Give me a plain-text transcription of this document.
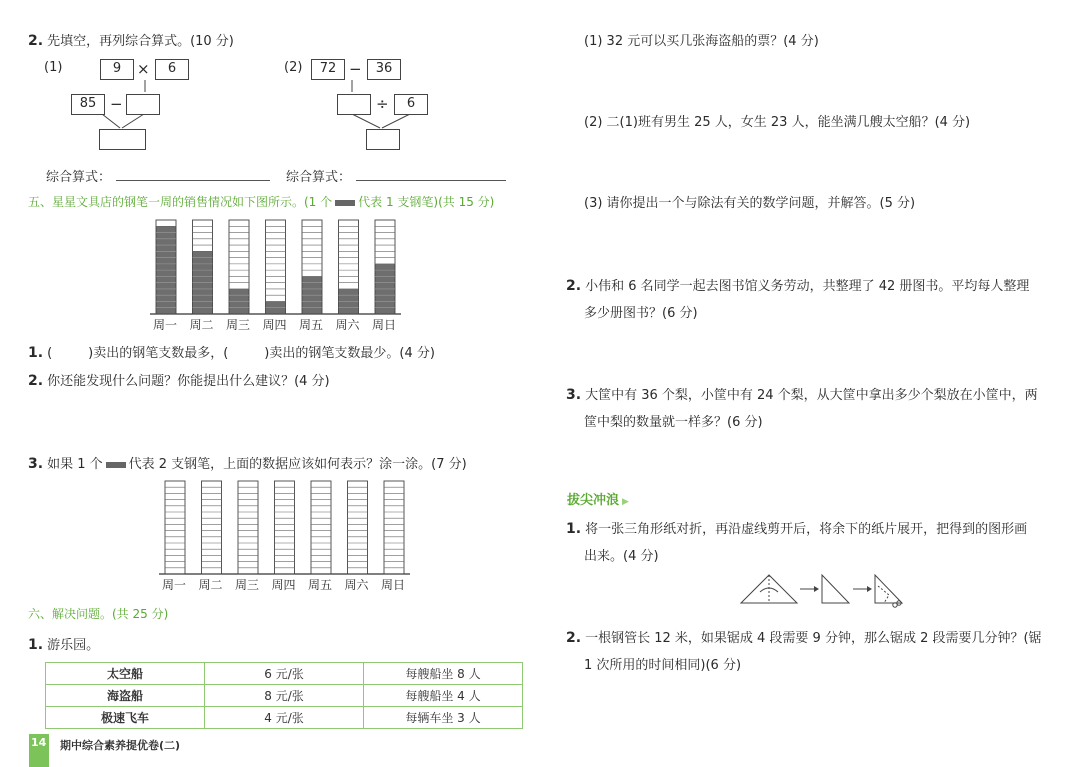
2. 先填空，再列综合算式。(10 分)
(1)	9	×	6
85 −
(2)	72 −	36
÷	6
综合算式：	综合算式：
五、星星文具店的钢笔一周的销售情况如下图所示。(1 个 代表 1 支钢笔)(共 15 分)
周一 周二 周三 周四 周五 周六 周日
1. (	)卖出的钢笔支数最多，(	)卖出的钢笔支数最少。(4 分)
2. 你还能发现什么问题？你能提出什么建议？(4 分)
3. 如果 1 个 代表 2 支钢笔，上面的数据应该如何表示？涂一涂。(7 分)
周一 周二 周三 周四 周五 周六 周日
六、解决问题。(共 25 分)
1. 游乐园。
太空船	6 元/张	每艘船坐 8 人
海盗船	8 元/张	每艘船坐 4 人
极速飞车	4 元/张	每辆车坐 3 人
14 期中综合素养提优卷(二)
(1) 32 元可以买几张海盗船的票？(4 分)
(2) 二(1)班有男生 25 人，女生 23 人，能坐满几艘太空船？(4 分)
(3) 请你提出一个与除法有关的数学问题，并解答。(5 分)
2. 小伟和 6 名同学一起去图书馆义务劳动，共整理了 42 册图书。平均每人整理
多少册图书？(6 分)
3. 大筐中有 36 个梨，小筐中有 24 个梨，从大筐中拿出多少个梨放在小筐中，两
筐中梨的数量就一样多？(6 分)
拔尖冲浪 ▶
1. 将一张三角形纸对折，再沿虚线剪开后，将余下的纸片展开，把得到的图形画
出来。(4 分)
2. 一根钢管长 12 米，如果锯成 4 段需要 9 分钟，那么锯成 2 段需要几分钟？(锯
1 次所用的时间相同)(6 分)
